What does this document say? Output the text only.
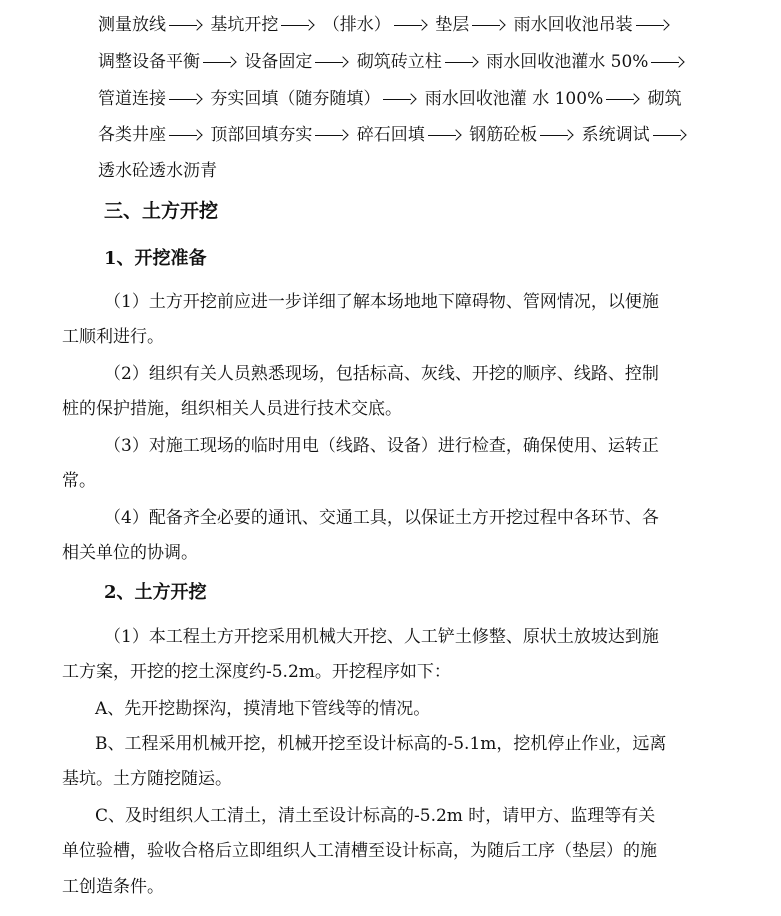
测量放线	基坑开挖	（排水）	垫层	雨水回收池吊装
调整设备平衡	设备固定	砌筑砖立柱	雨水回收池灌水 50%
管道连接	夯实回填（随夯随填）	雨水回收池灌 水 100%	砌筑
各类井座	顶部回填夯实	碎石回填	钢筋砼板	系统调试
透水砼透水沥青
三、土方开挖
1、开挖准备
（1）土方开挖前应进一步详细了解本场地地下障碍物、管网情况，以便施
工顺利进行。
（2）组织有关人员熟悉现场，包括标高、灰线、开挖的顺序、线路、控制
桩的保护措施，组织相关人员进行技术交底。
（3）对施工现场的临时用电（线路、设备）进行检查，确保使用、运转正
常。
（4）配备齐全必要的通讯、交通工具，以保证土方开挖过程中各环节、各
相关单位的协调。
2、土方开挖
（1）本工程土方开挖采用机械大开挖、人工铲土修整、原状土放坡达到施
工方案，开挖的挖土深度约-5.2m。开挖程序如下：
A、先开挖勘探沟，摸清地下管线等的情况。
B、工程采用机械开挖，机械开挖至设计标高的-5.1m，挖机停止作业，远离
基坑。土方随挖随运。
C、及时组织人工清土，清土至设计标高的-5.2m 时，请甲方、监理等有关
单位验槽，验收合格后立即组织人工清槽至设计标高，为随后工序（垫层）的施
工创造条件。
